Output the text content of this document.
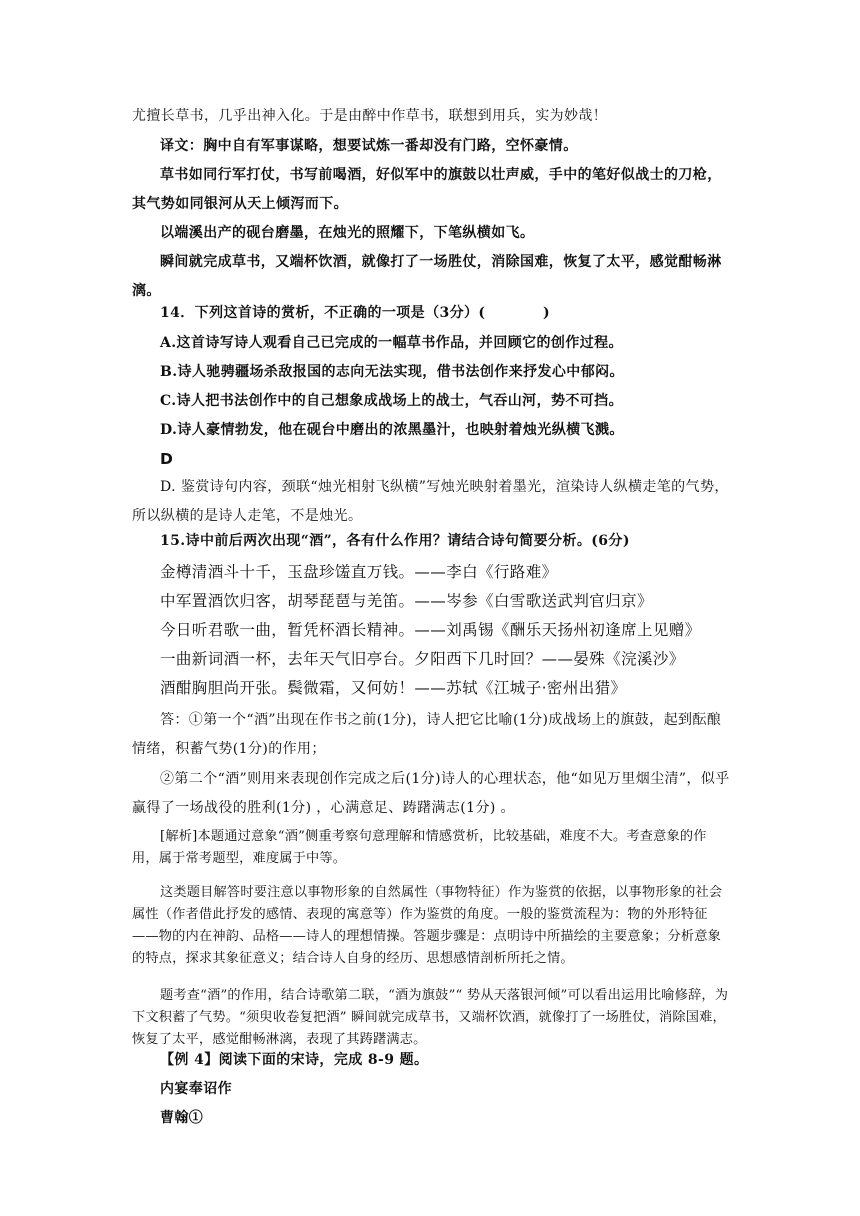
尤擅长草书，几乎出神入化。于是由醉中作草书，联想到用兵，实为妙哉！

译文：胸中自有军事谋略，想要试炼一番却没有门路，空怀豪情。

草书如同行军打仗，书写前喝酒，好似军中的旗鼓以壮声威，手中的笔好似战士的刀枪，其气势如同银河从天上倾泻而下。

以端溪出产的砚台磨墨，在烛光的照耀下，下笔纵横如飞。

瞬间就完成草书，又端杯饮酒，就像打了一场胜仗，消除国难，恢复了太平，感觉酣畅淋漓。

14．下列这首诗的赏析，不正确的一项是（3分）(　　　　)

A.这首诗写诗人观看自己已完成的一幅草书作品，并回顾它的创作过程。

B.诗人驰骋疆场杀敌报国的志向无法实现，借书法创作来抒发心中郁闷。

C.诗人把书法创作中的自己想象成战场上的战士，气吞山河，势不可挡。

D.诗人豪情勃发，他在砚台中磨出的浓黑墨汁，也映射着烛光纵横飞溅。

D

D. 鉴赏诗句内容，颈联“烛光相射飞纵横”写烛光映射着墨光，渲染诗人纵横走笔的气势，所以纵横的是诗人走笔，不是烛光。

15.诗中前后两次出现“酒”，各有什么作用？请结合诗句简要分析。(6分)

金樽清酒斗十千，玉盘珍馐直万钱。——李白《行路难》

中军置酒饮归客，胡琴琵琶与羌笛。——岑参《白雪歌送武判官归京》

今日听君歌一曲，暂凭杯酒长精神。——刘禹锡《酬乐天扬州初逢席上见赠》

一曲新词酒一杯，去年天气旧亭台。夕阳西下几时回？——晏殊《浣溪沙》

酒酣胸胆尚开张。鬓微霜，又何妨！——苏轼《江城子·密州出猎》

答：①第一个“酒”出现在作书之前(1分)，诗人把它比喻(1分)成战场上的旗鼓，起到酝酿情绪，积蓄气势(1分)的作用；

②第二个“酒”则用来表现创作完成之后(1分)诗人的心理状态，他“如见万里烟尘清”，似乎赢得了一场战役的胜利(1分) ，心满意足、踌躇满志(1分) 。

[解析]本题通过意象“酒”侧重考察句意理解和情感赏析，比较基础，难度不大。考查意象的作用，属于常考题型，难度属于中等。

这类题目解答时要注意以事物形象的自然属性（事物特征）作为鉴赏的依据，以事物形象的社会属性（作者借此抒发的感情、表现的寓意等）作为鉴赏的角度。一般的鉴赏流程为：物的外形特征——物的内在神韵、品格——诗人的理想情操。答题步骤是：点明诗中所描绘的主要意象；分析意象的特点，探求其象征意义；结合诗人自身的经历、思想感情剖析所托之情。

题考查“酒”的作用，结合诗歌第二联，“酒为旗鼓”“ 势从天落银河倾”可以看出运用比喻修辞，为下文积蓄了气势。“须臾收卷复把酒” 瞬间就完成草书，又端杯饮酒，就像打了一场胜仗，消除国难，恢复了太平，感觉酣畅淋漓，表现了其踌躇满志。

【例 4】阅读下面的宋诗，完成 8-9 题。

内宴奉诏作

曹翰①
